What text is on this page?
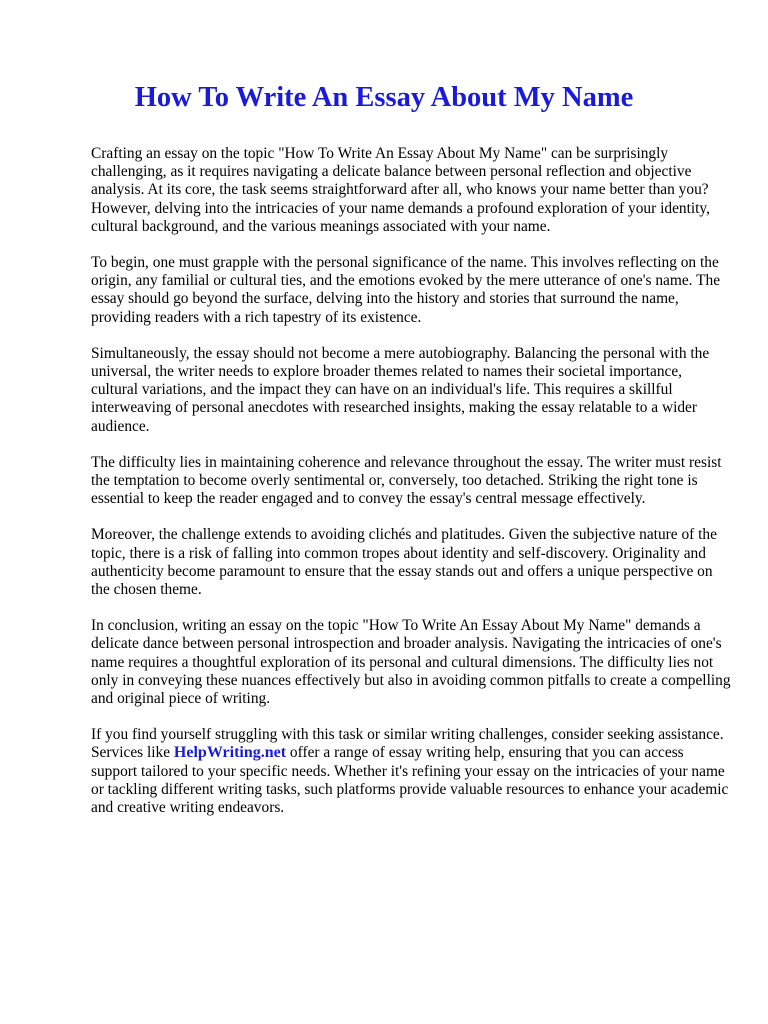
How To Write An Essay About My Name

Crafting an essay on the topic "How To Write An Essay About My Name" can be surprisingly challenging, as it requires navigating a delicate balance between personal reflection and objective analysis. At its core, the task seems straightforward after all, who knows your name better than you? However, delving into the intricacies of your name demands a profound exploration of your identity, cultural background, and the various meanings associated with your name.

To begin, one must grapple with the personal significance of the name. This involves reflecting on the origin, any familial or cultural ties, and the emotions evoked by the mere utterance of one's name. The essay should go beyond the surface, delving into the history and stories that surround the name, providing readers with a rich tapestry of its existence.

Simultaneously, the essay should not become a mere autobiography. Balancing the personal with the universal, the writer needs to explore broader themes related to names their societal importance, cultural variations, and the impact they can have on an individual's life. This requires a skillful interweaving of personal anecdotes with researched insights, making the essay relatable to a wider audience.

The difficulty lies in maintaining coherence and relevance throughout the essay. The writer must resist the temptation to become overly sentimental or, conversely, too detached. Striking the right tone is essential to keep the reader engaged and to convey the essay's central message effectively.

Moreover, the challenge extends to avoiding clichés and platitudes. Given the subjective nature of the topic, there is a risk of falling into common tropes about identity and self-discovery. Originality and authenticity become paramount to ensure that the essay stands out and offers a unique perspective on the chosen theme.

In conclusion, writing an essay on the topic "How To Write An Essay About My Name" demands a delicate dance between personal introspection and broader analysis. Navigating the intricacies of one's name requires a thoughtful exploration of its personal and cultural dimensions. The difficulty lies not only in conveying these nuances effectively but also in avoiding common pitfalls to create a compelling and original piece of writing.

If you find yourself struggling with this task or similar writing challenges, consider seeking assistance. Services like HelpWriting.net offer a range of essay writing help, ensuring that you can access support tailored to your specific needs. Whether it's refining your essay on the intricacies of your name or tackling different writing tasks, such platforms provide valuable resources to enhance your academic and creative writing endeavors.
